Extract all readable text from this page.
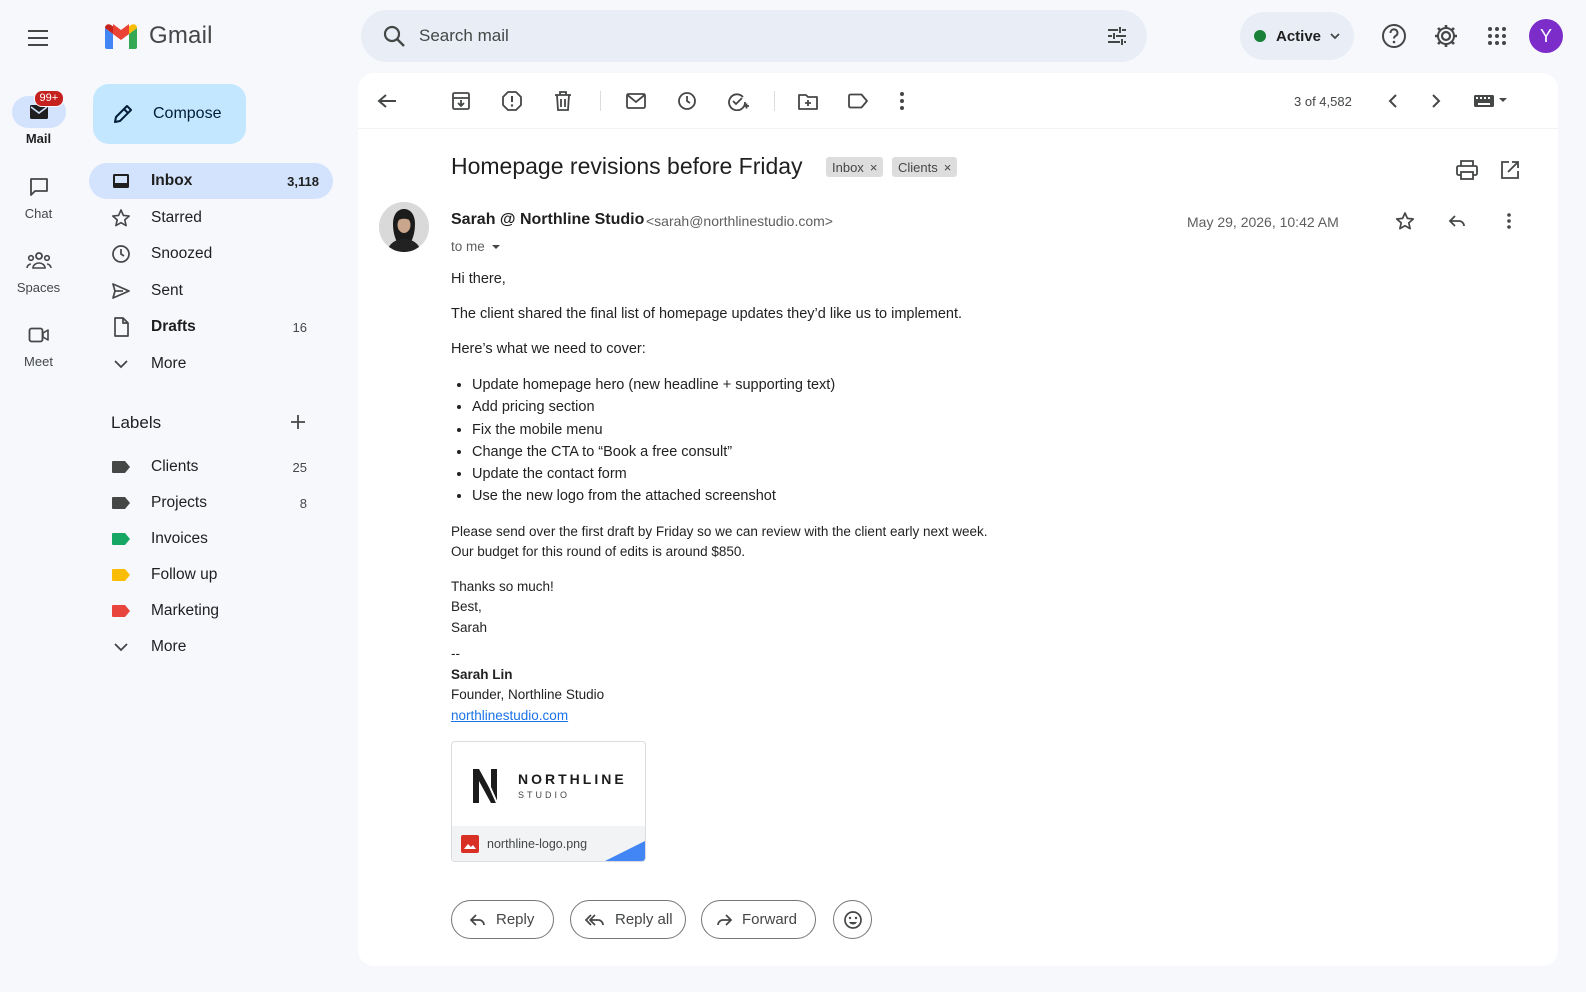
99+
Mail
Chat
Spaces
Meet
Gmail
Search mail	Active	Y
Compose
Inbox	3,118
Starred
Snoozed
Sent
Drafts	16
More
Labels
Clients	25
Projects	8
Invoices
Follow up
Marketing
More
3 of 4,582
Homepage revisions before Friday Inbox × Clients ×
Sarah @ Northline Studio <sarah@northlinestudio.com>
to me
May 29, 2026, 10:42 AM

Hi there,

The client shared the final list of homepage updates they’d like us to implement.

Here’s what we need to cover:

• Update homepage hero (new headline + supporting text)
• Add pricing section
• Fix the mobile menu
• Change the CTA to “Book a free consult”
• Update the contact form
• Use the new logo from the attached screenshot
Please send over the first draft by Friday so we can review with the client early next week.
Our budget for this round of edits is around $850.
Thanks so much!
Best,
Sarah
--
Sarah Lin
Founder, Northline Studio
northlinestudio.com
NORTHLINE
STUDIO
northline-logo.png
Reply	Reply all	Forward
